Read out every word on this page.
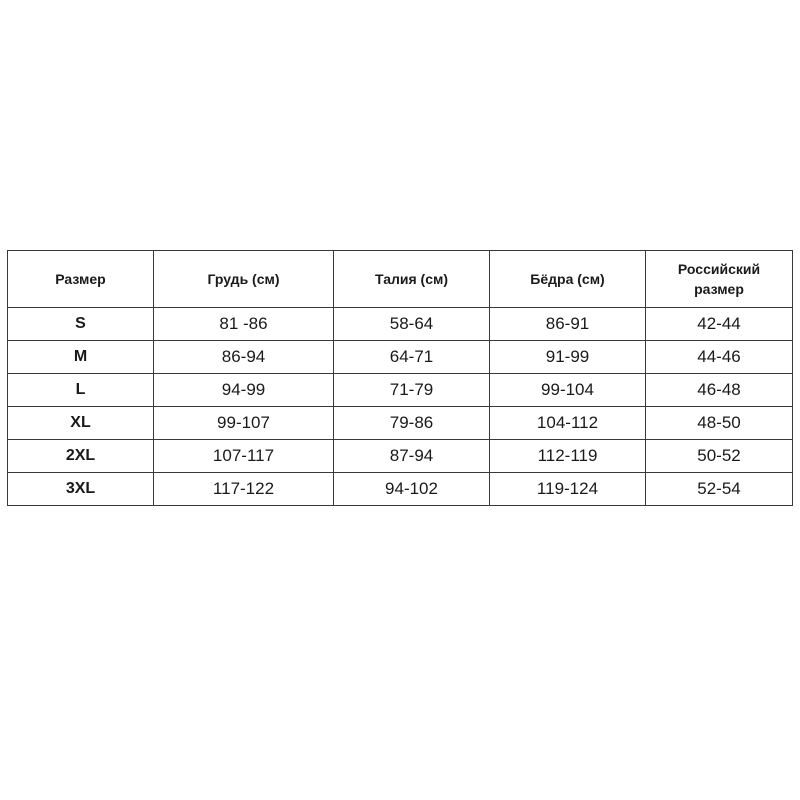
Размер	Грудь (см)	Талия (см)	Бёдра (см)	Российский
размер

S	81 -86	58-64	86-91	42-44
M	86-94	64-71	91-99	44-46
L	94-99	71-79	99-104	46-48
XL	99-107	79-86	104-112	48-50
2XL	107-117	87-94	112-119	50-52
3XL	117-122	94-102	119-124	52-54
